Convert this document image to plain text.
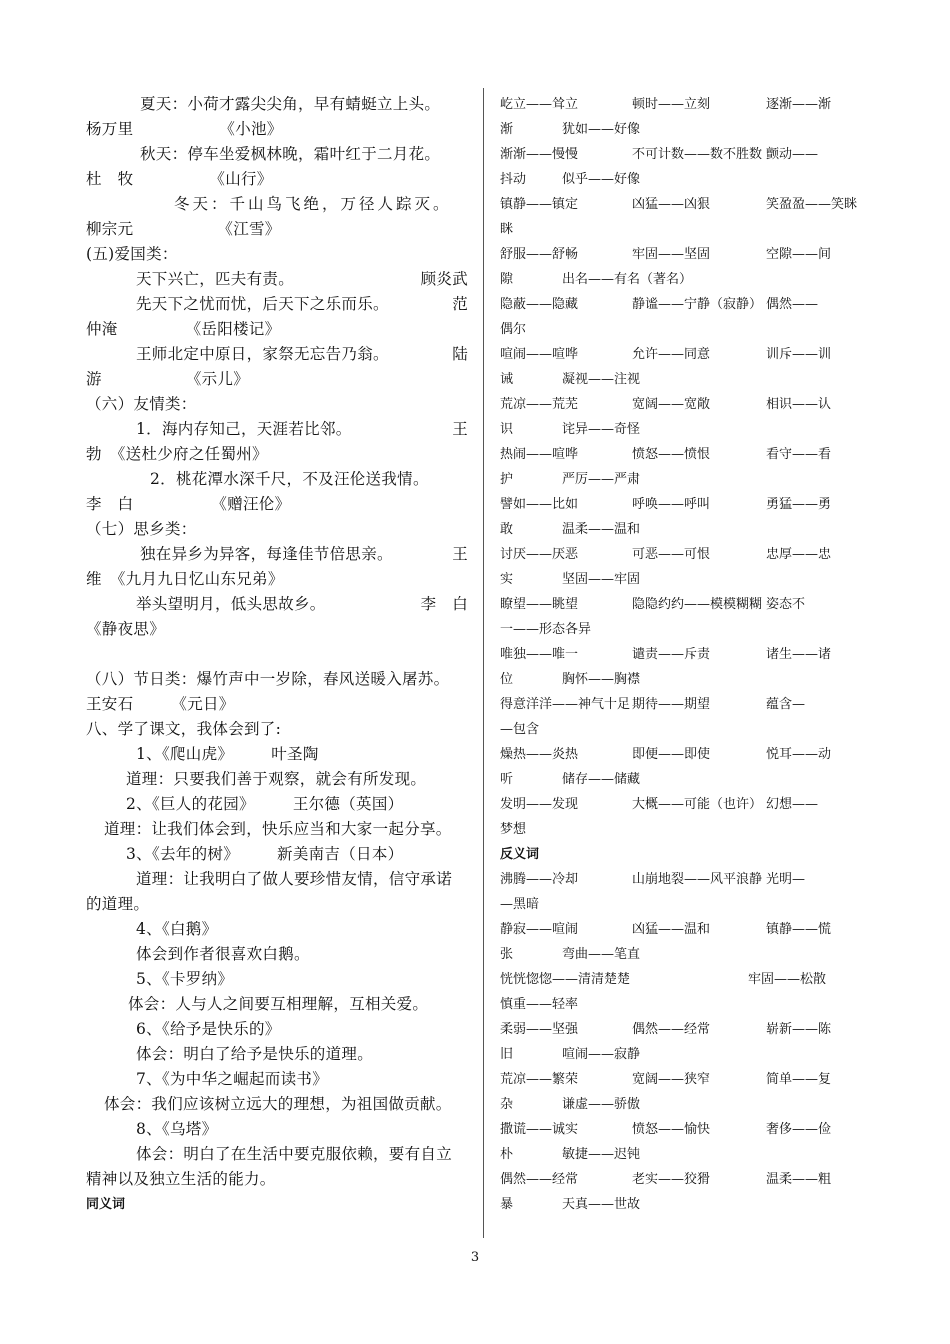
夏天：小荷才露尖尖角，早有蜻蜓立上头。
杨万里	《小池》
秋天：停车坐爱枫林晚，霜叶红于二月花。
杜　牧	《山行》
冬天：千山鸟飞绝，万径人踪灭。
柳宗元	《江雪》
(五)爱国类：
天下兴亡，匹夫有责。	顾炎武
先天下之忧而忧，后天下之乐而乐。	范
仲淹	《岳阳楼记》
王师北定中原日，家祭无忘告乃翁。	陆
游	《示儿》
（六）友情类：
1．海内存知己，天涯若比邻。	王
勃　《送杜少府之任蜀州》
2．桃花潭水深千尺，不及汪伦送我情。
李　白	《赠汪伦》
（七）思乡类：
独在异乡为异客，每逢佳节倍思亲。	王
维　《九月九日忆山东兄弟》
举头望明月，低头思故乡。	李　白
《静夜思》
（八）节日类：爆竹声中一岁除，春风送暖入屠苏。
王安石 《元日》
八、学了课文，我体会到了:
1、《爬山虎》 叶圣陶
道理：只要我们善于观察，就会有所发现。
2、《巨人的花园》 王尔德（英国）
道理：让我们体会到，快乐应当和大家一起分享。
3、《去年的树》 新美南吉（日本）
道理：让我明白了做人要珍惜友情，信守承诺
的道理。
4、《白鹅》
体会到作者很喜欢白鹅。
5、《卡罗纳》
体会：人与人之间要互相理解，互相关爱。
6、《给予是快乐的》
体会：明白了给予是快乐的道理。
7、《为中华之崛起而读书》
体会：我们应该树立远大的理想，为祖国做贡献。
8、《乌塔》
体会：明白了在生活中要克服依赖，要有自立
精神以及独立生活的能力。
同义词
屹立——耸立	顿时——立刻	逐渐——渐
渐	犹如——好像
渐渐——慢慢	不可计数——数不胜数 颤动——
抖动	似乎——好像
镇静——镇定	凶猛——凶狠	笑盈盈——笑眯
眯
舒服——舒畅	牢固——坚固	空隙——间
隙	出名——有名（著名）
隐蔽——隐藏	静谧——宁静（寂静） 偶然——
偶尔
喧闹——喧哗	允许——同意	训斥——训
诫	凝视——注视
荒凉——荒芜	宽阔——宽敞	相识——认
识	诧异——奇怪
热闹——喧哗	愤怒——愤恨	看守——看
护	严厉——严肃
譬如——比如	呼唤——呼叫	勇猛——勇
敢	温柔——温和
讨厌——厌恶	可恶——可恨	忠厚——忠
实	坚固——牢固
瞭望——眺望	隐隐约约——模模糊糊 姿态不
一——形态各异
唯独——唯一	谴责——斥责	诸生——诸
位	胸怀——胸襟
得意洋洋——神气十足 期待——期望	蕴含—
—包含
燥热——炎热	即便——即使	悦耳——动
听	储存——储藏
发明——发现	大概——可能（也许） 幻想——
梦想
反义词
沸腾——冷却	山崩地裂——风平浪静 光明—
—黑暗
静寂——喧闹	凶猛——温和	镇静——慌
张	弯曲——笔直
恍恍惚惚——清清楚楚	牢固——松散
慎重——轻率
柔弱——坚强	偶然——经常	崭新——陈
旧	喧闹——寂静
荒凉——繁荣	宽阔——狭窄	简单——复
杂	谦虚——骄傲
撒谎——诚实	愤怒——愉快	奢侈——俭
朴	敏捷——迟钝
偶然——经常	老实——狡猾	温柔——粗
暴	天真——世故
3
